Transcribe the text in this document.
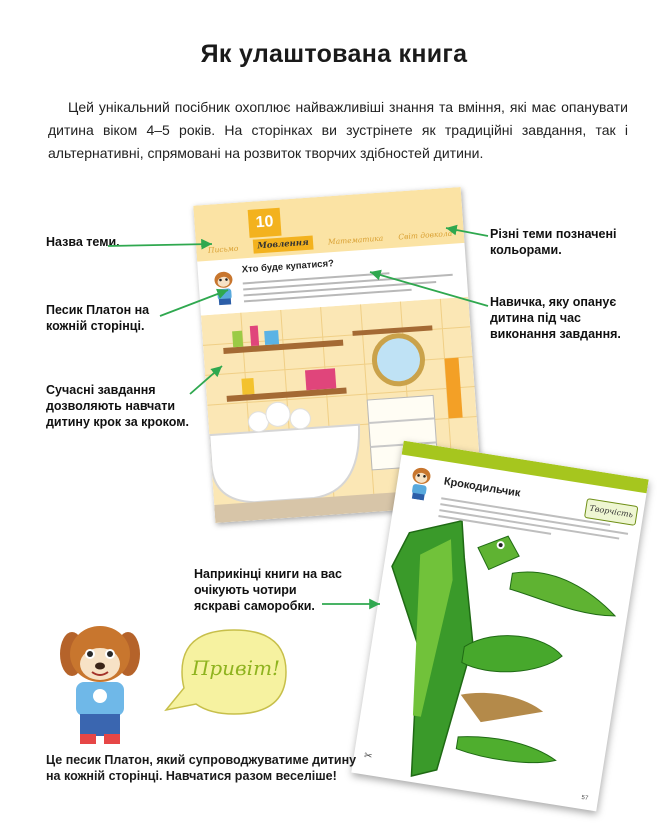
Як улаштована книга
Цей унікальний посібник охоплює найважливіші знання та вміння, які має опанувати дитина віком 4–5 років. На сторінках ви зустрінете як традиційні завдання, так і альтернативні, спрямовані на розвиток творчих здібностей дитини.
10
Письмо	Мовлення	Математика Світ довкола
Хто буде купатися?
Крокодильчик
Творчість
✂
57
Назва теми.
Песик Платон на кожній сторінці.
Сучасні завдання дозволяють навчати дитину крок за кроком.
Різні теми позначені кольорами.
Навичка, яку опанує дитина під час виконання завдання.
Наприкінці книги на вас очікують чотири яскраві саморобки.
Привіт!
Це песик Платон, який супроводжуватиме дитину на кожній сторінці. Навчатися разом веселіше!
